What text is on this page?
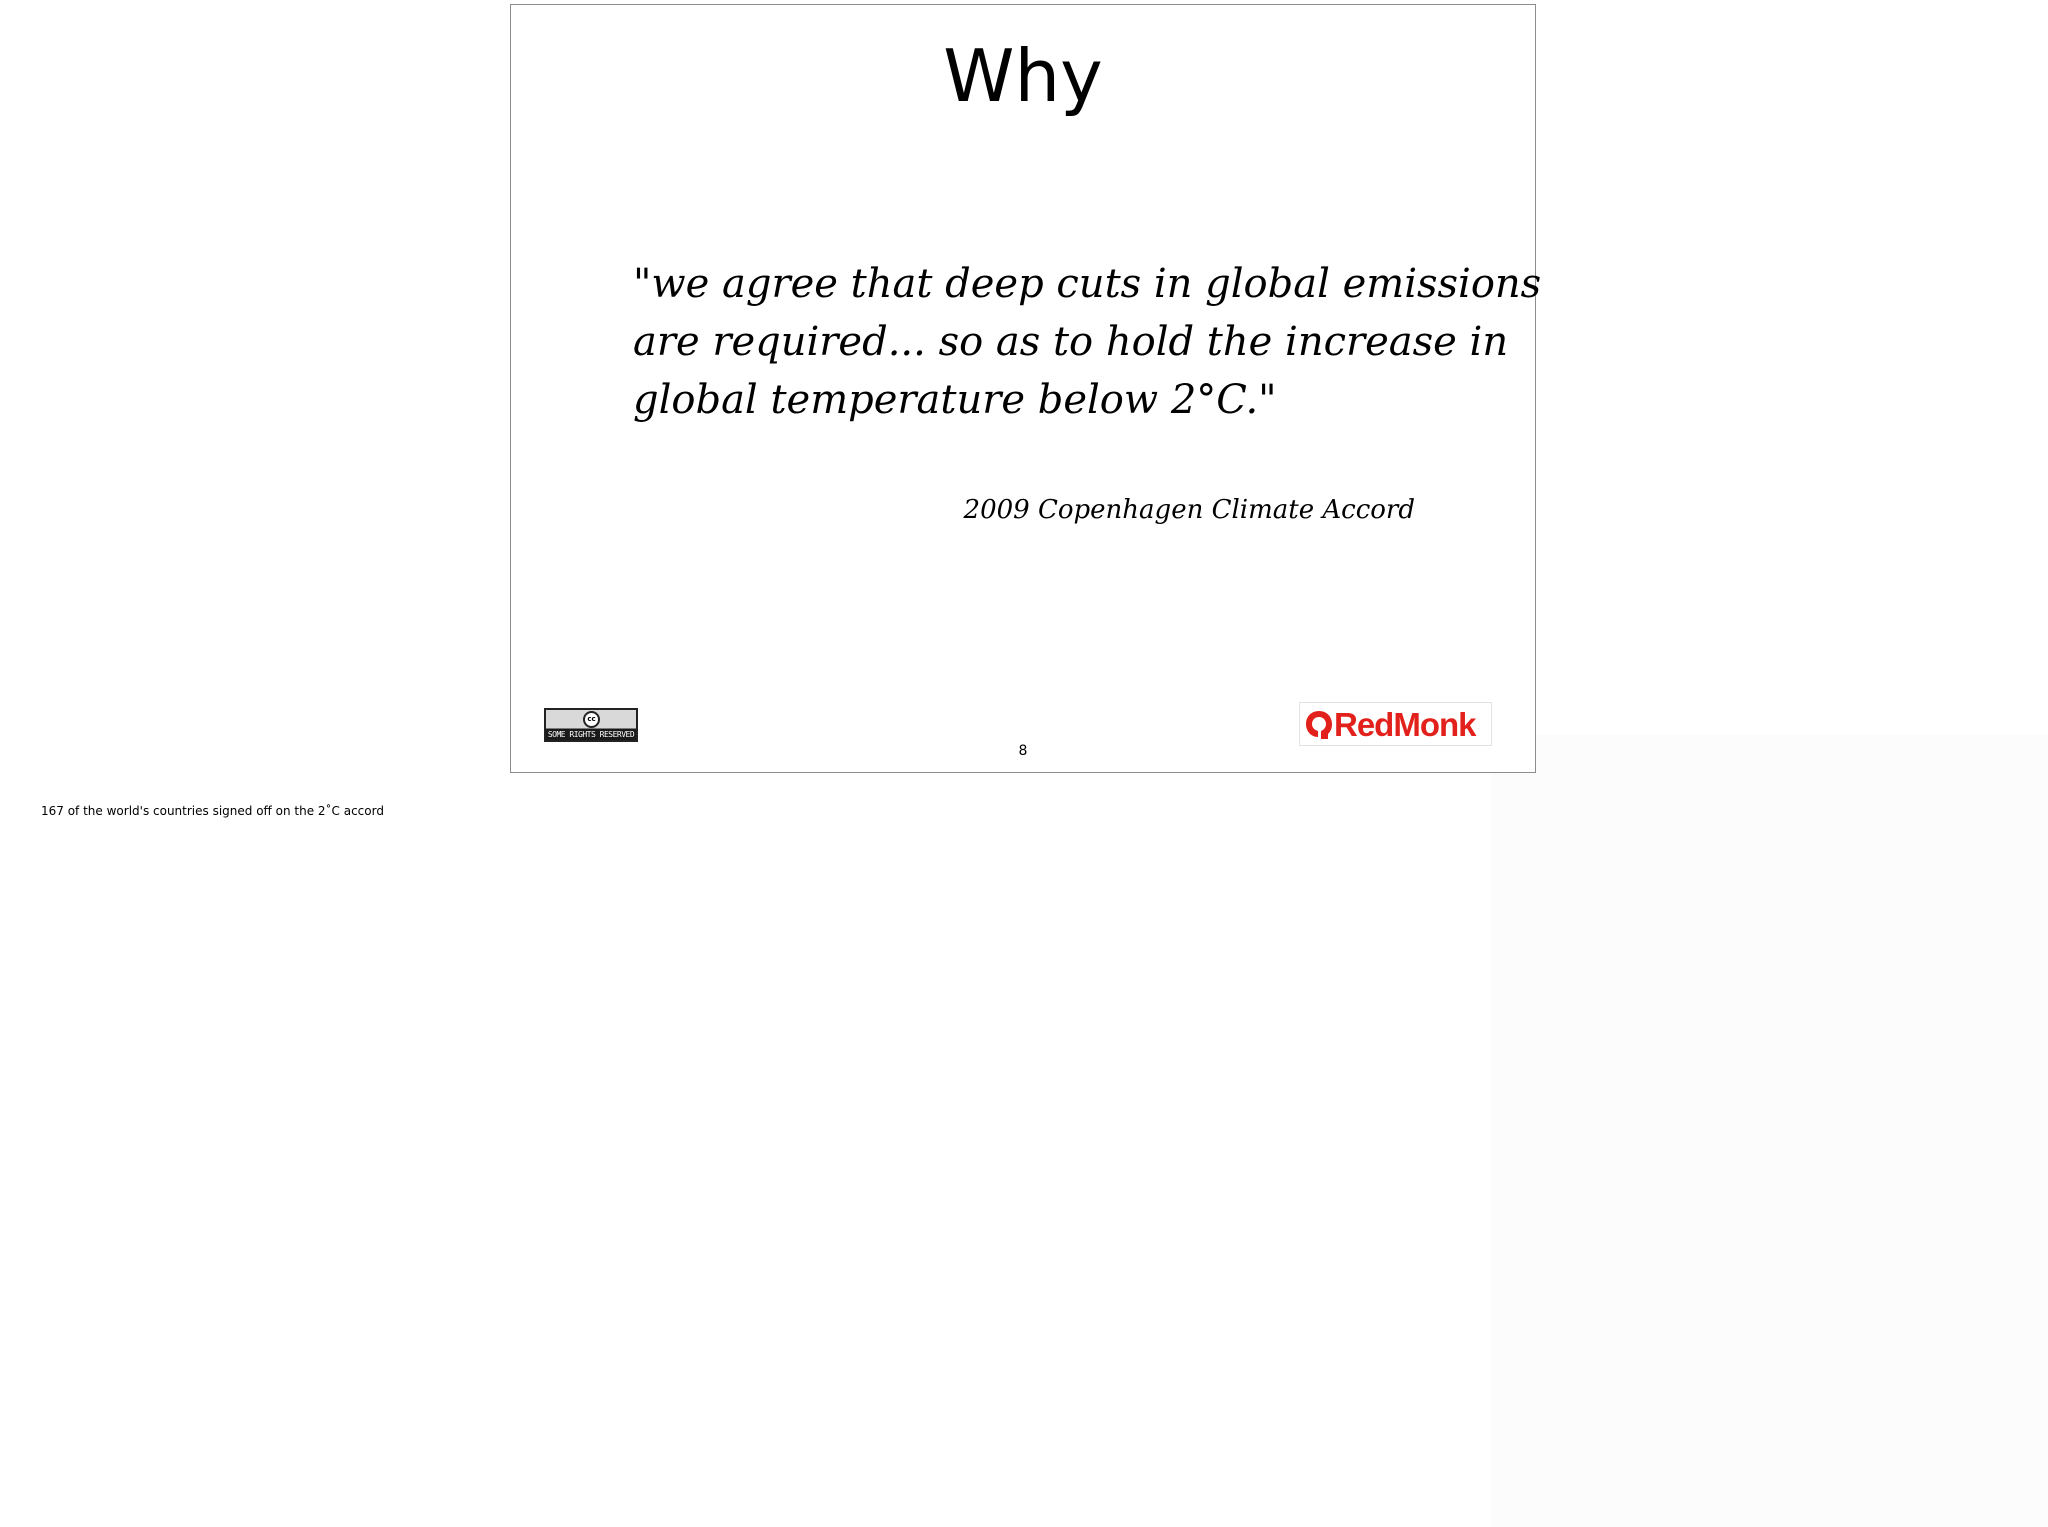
Why
"we agree that deep cuts in global emissions
are required... so as to hold the increase in
global temperature below 2°C."
2009 Copenhagen Climate Accord
cc
SOME RIGHTS RESERVED
8
RedMonk
167 of the world's countries signed off on the 2˚C accord
